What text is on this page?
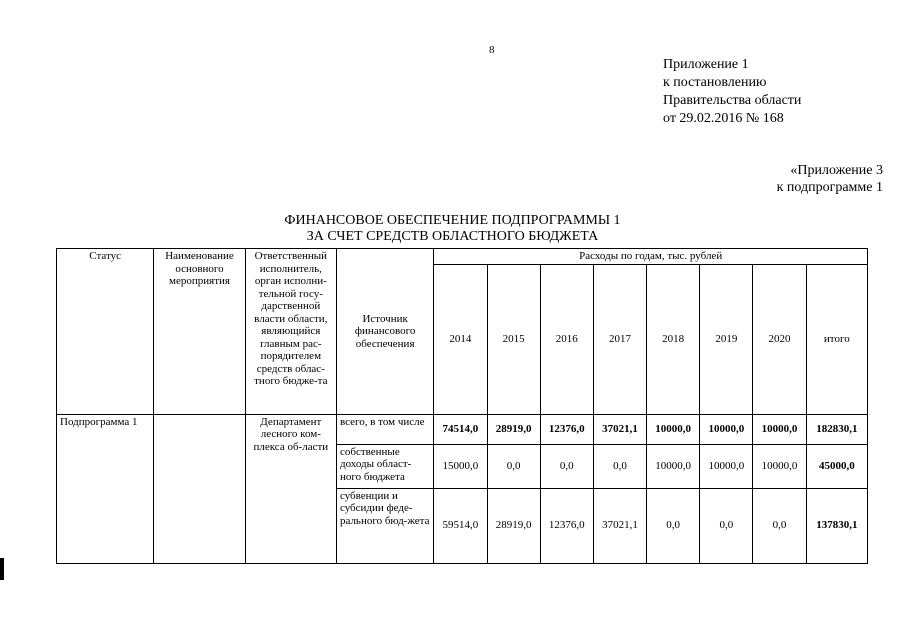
8
Приложение 1
к постановлению
Правительства области
от 29.02.2016 № 168
«Приложение 3
к подпрограмме 1
ФИНАНСОВОЕ ОБЕСПЕЧЕНИЕ ПОДПРОГРАММЫ 1
ЗА СЧЕТ СРЕДСТВ ОБЛАСТНОГО БЮДЖЕТА
Статус	Наименование основного мероприятия	Ответственный исполнитель, орган исполни-тельной госу-дарственной власти области, являющийся главным рас-порядителем средств облас-тного бюдже-та	Источник финансового обеспечения	Расходы по годам, тыс. рублей							
				2014	2015	2016	2017	2018	2019	2020	итого
Подпрограмма 1		Департамент лесного ком-плекса об-ласти	всего, в том числе	74514,0	28919,0	12376,0	37021,1	10000,0	10000,0	10000,0	182830,1
			собственные доходы област-ного бюджета	15000,0	0,0	0,0	0,0	10000,0	10000,0	10000,0	45000,0
			субвенции и субсидии феде-рального бюд-жета	59514,0	28919,0	12376,0	37021,1	0,0	0,0	0,0	137830,1
